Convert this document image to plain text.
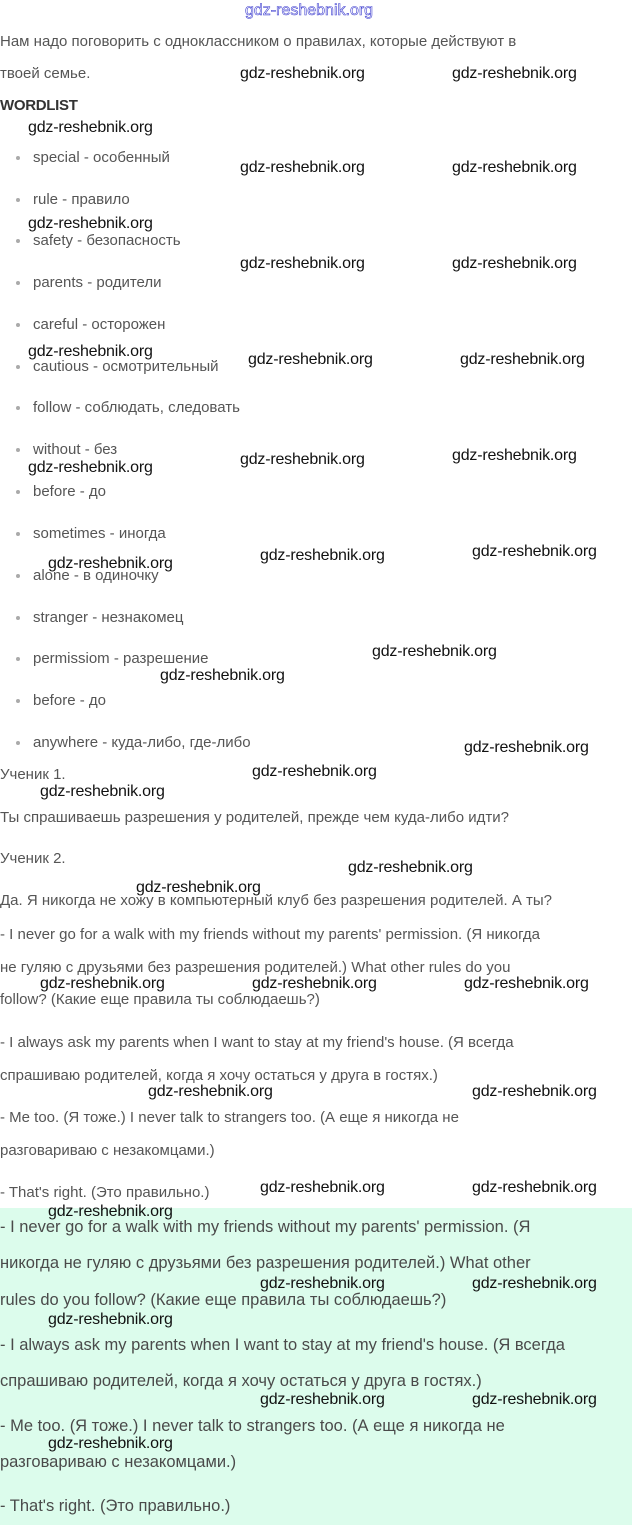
gdz-reshebnik.org
Нам надо поговорить с одноклассником о правилах, которые действуют в
твоей семье.
WORDLIST
special - особенный
rule - правило
safety - безопасность
parents - родители
careful - осторожен
cautious - осмотрительный
follow - соблюдать, следовать
without - без
before - до
sometimes - иногда
alone - в одиночку
stranger - незнакомец
permissiom - разрешение
before - до
anywhere - куда-либо, где-либо
Ученик 1.
Ты спрашиваешь разрешения у родителей, прежде чем куда-либо идти?
Ученик 2.
Да. Я никогда не хожу в компьютерный клуб без разрешения родителей. А ты?
- I never go for a walk with my friends without my parents' permission. (Я никогда
не гуляю с друзьями без разрешения родителей.) What other rules do you
follow? (Какие еще правила ты соблюдаешь?)
- I always ask my parents when I want to stay at my friend's house. (Я всегда
спрашиваю родителей, когда я хочу остаться у друга в гостях.)
- Me too. (Я тоже.) I never talk to strangers too. (А еще я никогда не
разговариваю с незакомцами.)
- That's right. (Это правильно.)
- I never go for a walk with my friends without my parents' permission. (Я
никогда не гуляю с друзьями без разрешения родителей.) What other
rules do you follow? (Какие еще правила ты соблюдаешь?)
- I always ask my parents when I want to stay at my friend's house. (Я всегда
спрашиваю родителей, когда я хочу остаться у друга в гостях.)
- Me too. (Я тоже.) I never talk to strangers too. (А еще я никогда не
разговариваю с незакомцами.)
- That's right. (Это правильно.)
gdz-reshebnik.org	gdz-reshebnik.org
gdz-reshebnik.org
gdz-reshebnik.org	gdz-reshebnik.org
gdz-reshebnik.org
gdz-reshebnik.org	gdz-reshebnik.org
gdz-reshebnik.org	gdz-reshebnik.org	gdz-reshebnik.org
gdz-reshebnik.org	gdz-reshebnik.org	gdz-reshebnik.org
gdz-reshebnik.org	gdz-reshebnik.org	gdz-reshebnik.org
gdz-reshebnik.org
gdz-reshebnik.org
gdz-reshebnik.org
gdz-reshebnik.org
gdz-reshebnik.org
gdz-reshebnik.org
gdz-reshebnik.org
gdz-reshebnik.org	gdz-reshebnik.org	gdz-reshebnik.org
gdz-reshebnik.org	gdz-reshebnik.org
gdz-reshebnik.org	gdz-reshebnik.org
gdz-reshebnik.org
gdz-reshebnik.org	gdz-reshebnik.org
gdz-reshebnik.org
gdz-reshebnik.org	gdz-reshebnik.org
gdz-reshebnik.org
